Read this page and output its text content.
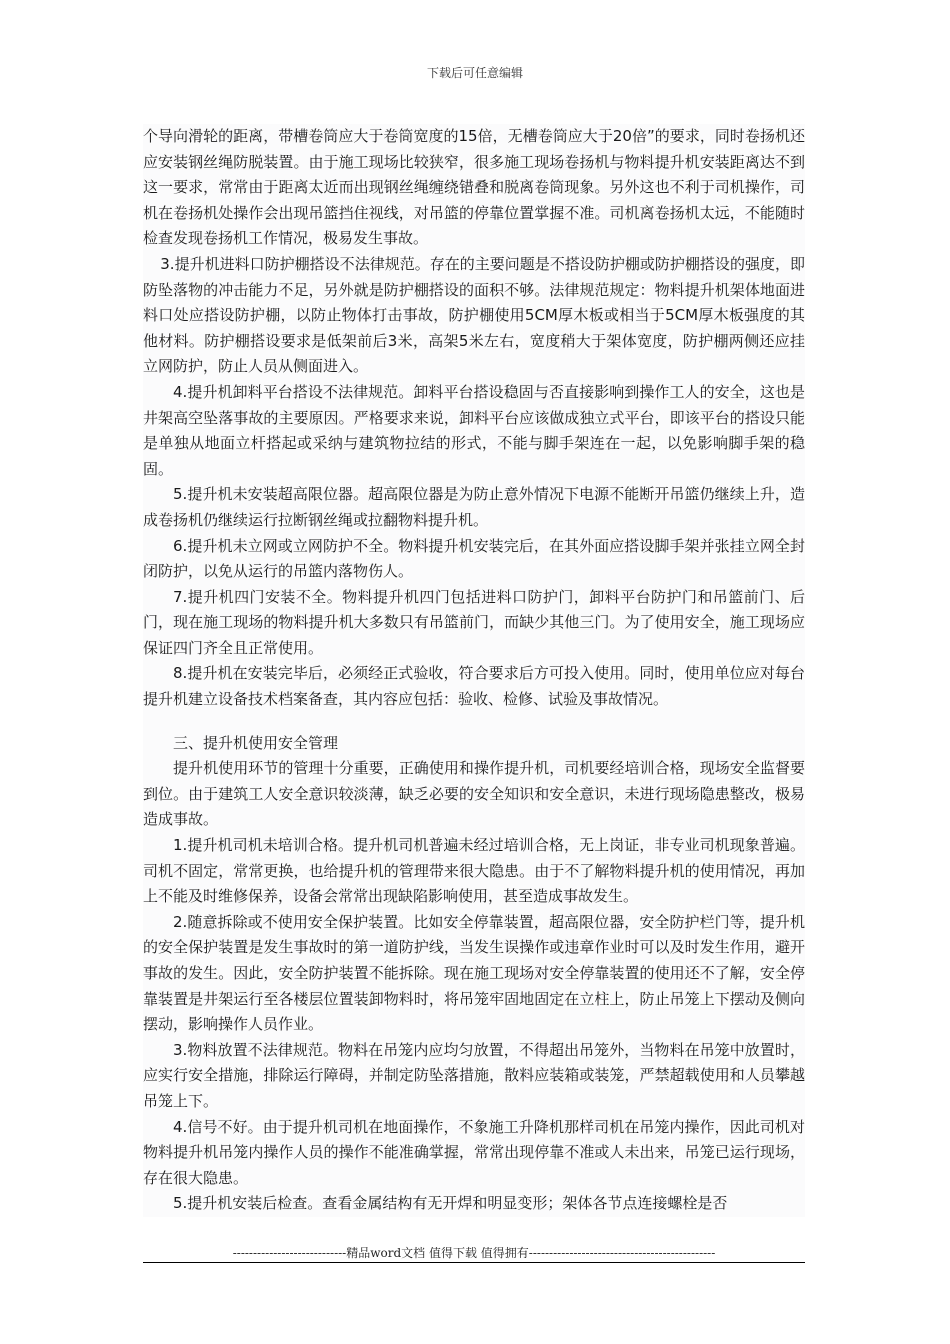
下载后可任意编辑

个导向滑轮的距离，带槽卷筒应大于卷筒宽度的15倍，无槽卷筒应大于20倍”的要求，同时卷扬机还应安装钢丝绳防脱装置。由于施工现场比较狭窄，很多施工现场卷扬机与物料提升机安装距离达不到这一要求，常常由于距离太近而出现钢丝绳缠绕错叠和脱离卷筒现象。另外这也不利于司机操作，司机在卷扬机处操作会出现吊篮挡住视线，对吊篮的停靠位置掌握不准。司机离卷扬机太远，不能随时检查发现卷扬机工作情况，极易发生事故。

3.提升机进料口防护棚搭设不法律规范。存在的主要问题是不搭设防护棚或防护棚搭设的强度，即防坠落物的冲击能力不足，另外就是防护棚搭设的面积不够。法律规范规定：物料提升机架体地面进料口处应搭设防护棚，以防止物体打击事故，防护棚使用5CM厚木板或相当于5CM厚木板强度的其他材料。防护棚搭设要求是低架前后3米，高架5米左右，宽度稍大于架体宽度，防护棚两侧还应挂立网防护，防止人员从侧面进入。

4.提升机卸料平台搭设不法律规范。卸料平台搭设稳固与否直接影响到操作工人的安全，这也是井架高空坠落事故的主要原因。严格要求来说，卸料平台应该做成独立式平台，即该平台的搭设只能是单独从地面立杆搭起或采纳与建筑物拉结的形式，不能与脚手架连在一起，以免影响脚手架的稳固。

5.提升机未安装超高限位器。超高限位器是为防止意外情况下电源不能断开吊篮仍继续上升，造成卷扬机仍继续运行拉断钢丝绳或拉翻物料提升机。

6.提升机未立网或立网防护不全。物料提升机安装完后，在其外面应搭设脚手架并张挂立网全封闭防护，以免从运行的吊篮内落物伤人。

7.提升机四门安装不全。物料提升机四门包括进料口防护门，卸料平台防护门和吊篮前门、后门，现在施工现场的物料提升机大多数只有吊篮前门，而缺少其他三门。为了使用安全，施工现场应保证四门齐全且正常使用。

8.提升机在安装完毕后，必须经正式验收，符合要求后方可投入使用。同时，使用单位应对每台提升机建立设备技术档案备查，其内容应包括：验收、检修、试验及事故情况。

三、提升机使用安全管理

提升机使用环节的管理十分重要，正确使用和操作提升机，司机要经培训合格，现场安全监督要到位。由于建筑工人安全意识较淡薄，缺乏必要的安全知识和安全意识，未进行现场隐患整改，极易造成事故。

1.提升机司机未培训合格。提升机司机普遍未经过培训合格，无上岗证，非专业司机现象普遍。司机不固定，常常更换，也给提升机的管理带来很大隐患。由于不了解物料提升机的使用情况，再加上不能及时维修保养，设备会常常出现缺陷影响使用，甚至造成事故发生。

2.随意拆除或不使用安全保护装置。比如安全停靠装置，超高限位器，安全防护栏门等，提升机的安全保护装置是发生事故时的第一道防护线，当发生误操作或违章作业时可以及时发生作用，避开事故的发生。因此，安全防护装置不能拆除。现在施工现场对安全停靠装置的使用还不了解，安全停靠装置是井架运行至各楼层位置装卸物料时，将吊笼牢固地固定在立柱上，防止吊笼上下摆动及侧向摆动，影响操作人员作业。

3.物料放置不法律规范。物料在吊笼内应均匀放置，不得超出吊笼外，当物料在吊笼中放置时，应实行安全措施，排除运行障碍，并制定防坠落措施，散料应装箱或装笼，严禁超载使用和人员攀越吊笼上下。

4.信号不好。由于提升机司机在地面操作，不象施工升降机那样司机在吊笼内操作，因此司机对物料提升机吊笼内操作人员的操作不能准确掌握，常常出现停靠不准或人未出来，吊笼已运行现场，存在很大隐患。

5.提升机安装后检查。查看金属结构有无开焊和明显变形；架体各节点连接螺栓是否

----------------------------精品word文档 值得下载 值得拥有----------------------------------------------
